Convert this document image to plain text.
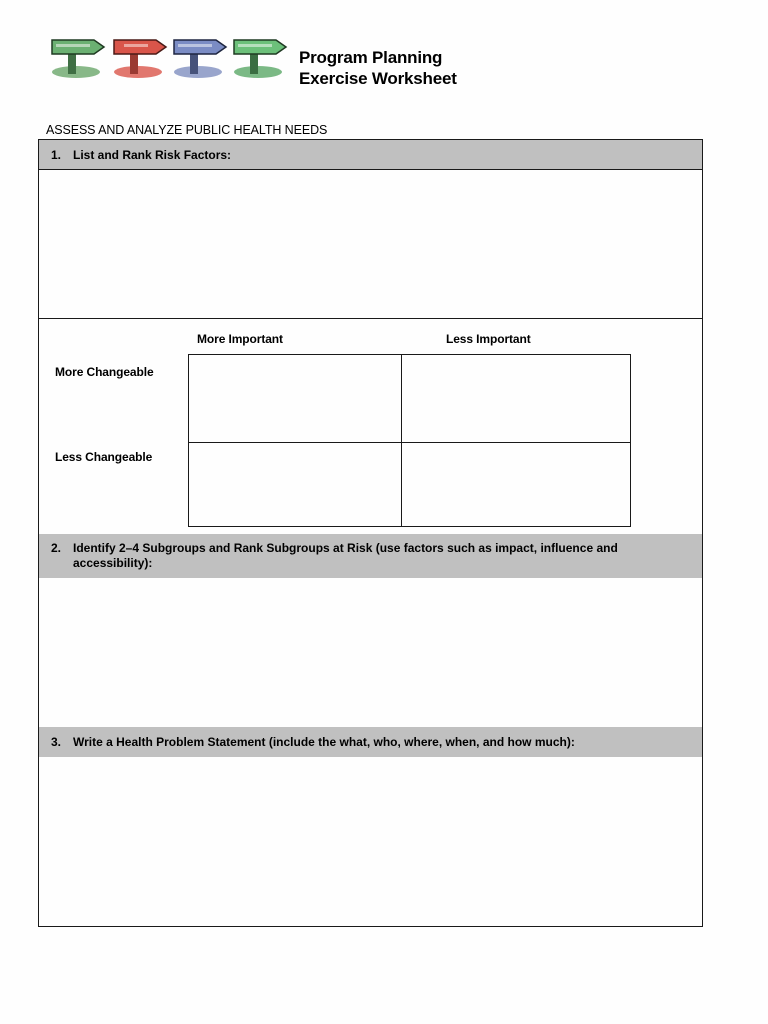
Program Planning
Exercise Worksheet
ASSESS AND ANALYZE PUBLIC HEALTH NEEDS
1. List and Rank Risk Factors:
More Important	Less Important
More Changeable
Less Changeable
2. Identify 2–4 Subgroups and Rank Subgroups at Risk (use factors such as impact, influence and accessibility):
3. Write a Health Problem Statement (include the what, who, where, when, and how much):
